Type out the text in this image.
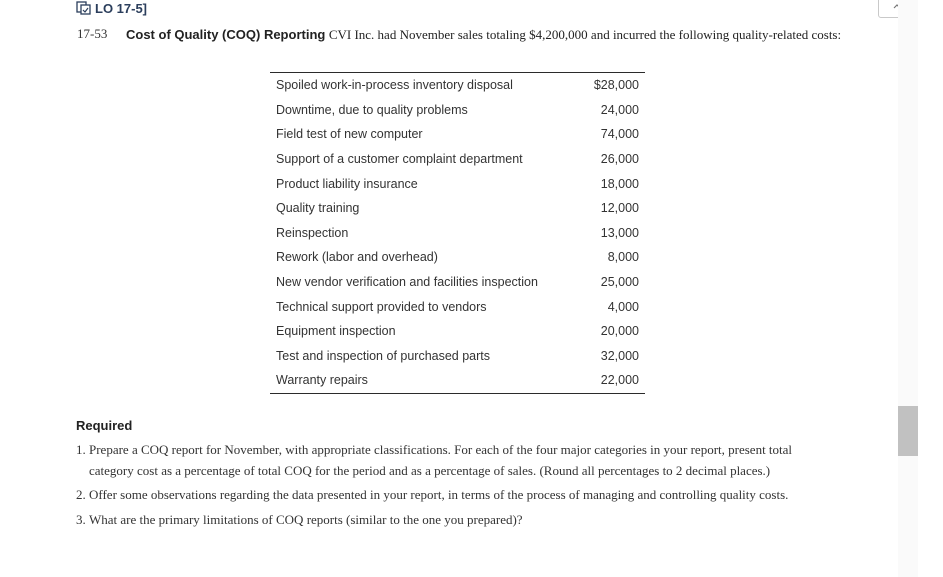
LO 17-5]
17-53 Cost of Quality (COQ) Reporting CVI Inc. had November sales totaling $4,200,000 and incurred the following quality-related costs:
Spoiled work-in-process inventory disposal	$28,000
Downtime, due to quality problems	24,000
Field test of new computer	74,000
Support of a customer complaint department	26,000
Product liability insurance	18,000
Quality training	12,000
Reinspection	13,000
Rework (labor and overhead)	8,000
New vendor verification and facilities inspection	25,000
Technical support provided to vendors	4,000
Equipment inspection	20,000
Test and inspection of purchased parts	32,000
Warranty repairs	22,000
Required
1. Prepare a COQ report for November, with appropriate classifications. For each of the four major categories in your report, present total category cost as a percentage of total COQ for the period and as a percentage of sales. (Round all percentages to 2 decimal places.)
2. Offer some observations regarding the data presented in your report, in terms of the process of managing and controlling quality costs.
3. What are the primary limitations of COQ reports (similar to the one you prepared)?
